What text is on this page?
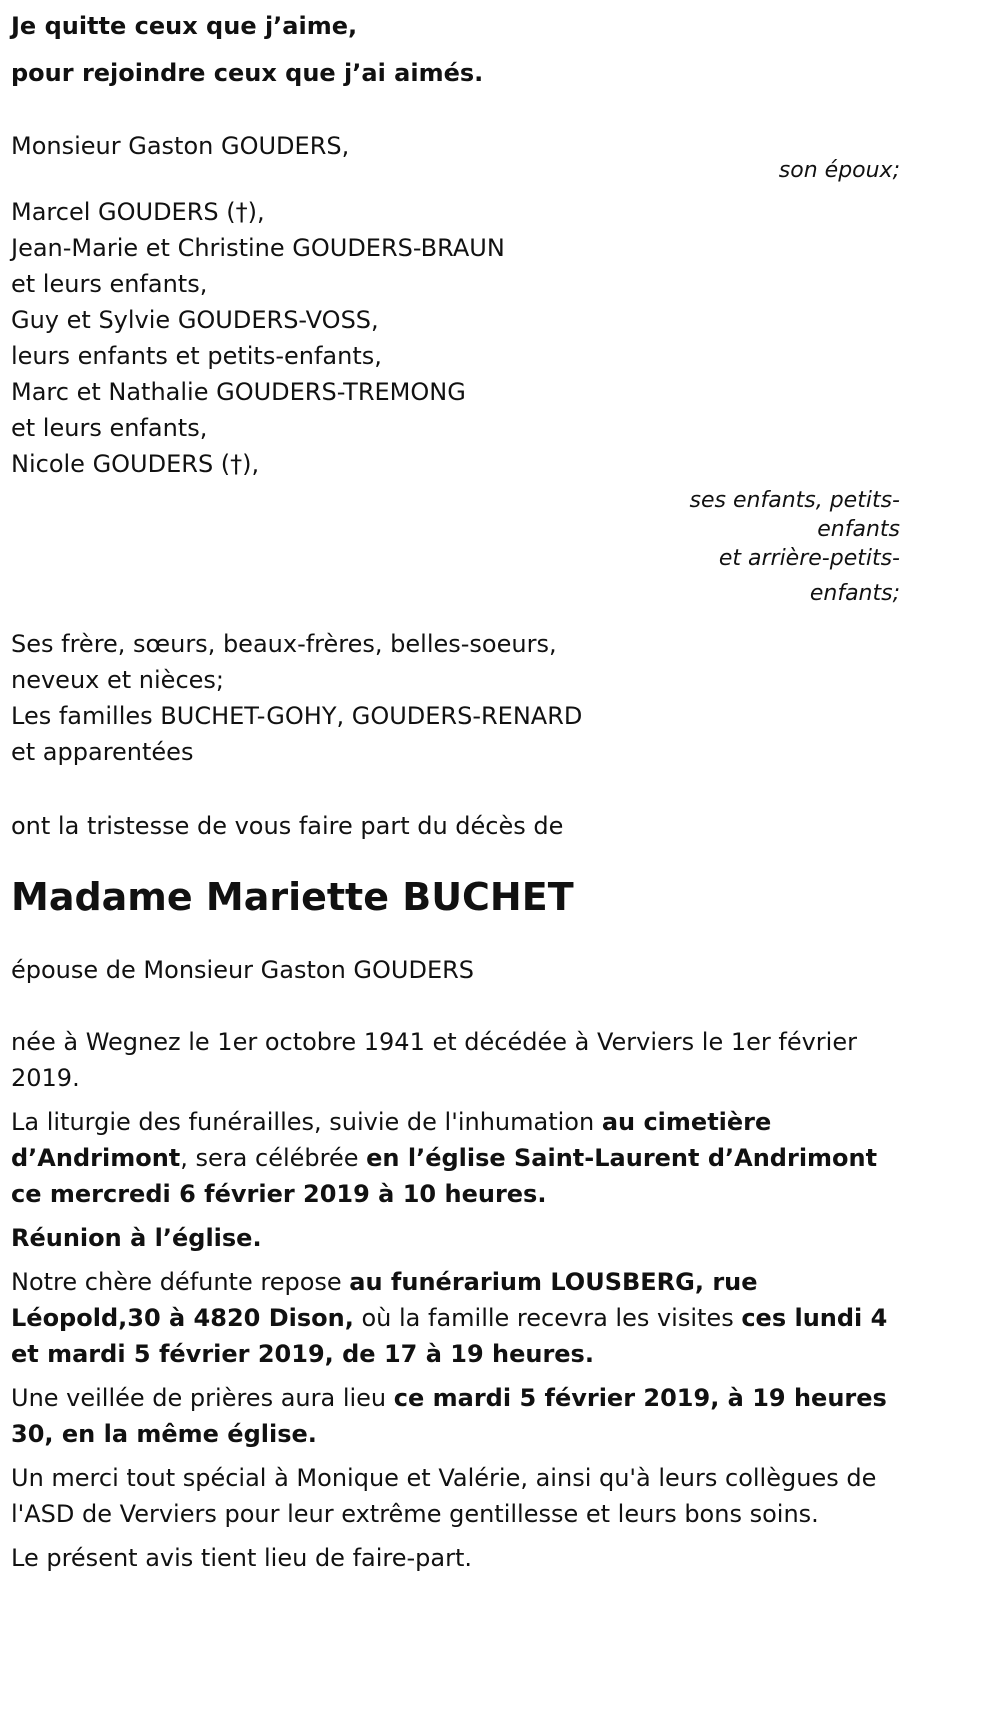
Je quitte ceux que j’aime,
pour rejoindre ceux que j’ai aimés.
Monsieur Gaston GOUDERS,
son époux;
Marcel GOUDERS (†),
Jean-Marie et Christine GOUDERS-BRAUN
et leurs enfants,
Guy et Sylvie GOUDERS-VOSS,
leurs enfants et petits-enfants,
Marc et Nathalie GOUDERS-TREMONG
et leurs enfants,
Nicole GOUDERS (†),
ses enfants, petits-
enfants
et arrière-petits-
enfants;
Ses frère, sœurs, beaux-frères, belles-soeurs,
neveux et nièces;
Les familles BUCHET-GOHY, GOUDERS-RENARD
et apparentées
ont la tristesse de vous faire part du décès de
Madame Mariette BUCHET
épouse de Monsieur Gaston GOUDERS

née à Wegnez le 1er octobre 1941 et décédée à Verviers le 1er février 2019.

La liturgie des funérailles, suivie de l'inhumation au cimetière d’Andrimont, sera célébrée en l’église Saint-Laurent d’Andrimont ce mercredi 6 février 2019 à 10 heures.

Réunion à l’église.

Notre chère défunte repose au funérarium LOUSBERG, rue Léopold,30 à 4820 Dison, où la famille recevra les visites ces lundi 4 et mardi 5 février 2019, de 17 à 19 heures.

Une veillée de prières aura lieu ce mardi 5 février 2019, à 19 heures 30, en la même église.

Un merci tout spécial à Monique et Valérie, ainsi qu'à leurs collègues de l'ASD de Verviers pour leur extrême gentillesse et leurs bons soins.

Le présent avis tient lieu de faire-part.
